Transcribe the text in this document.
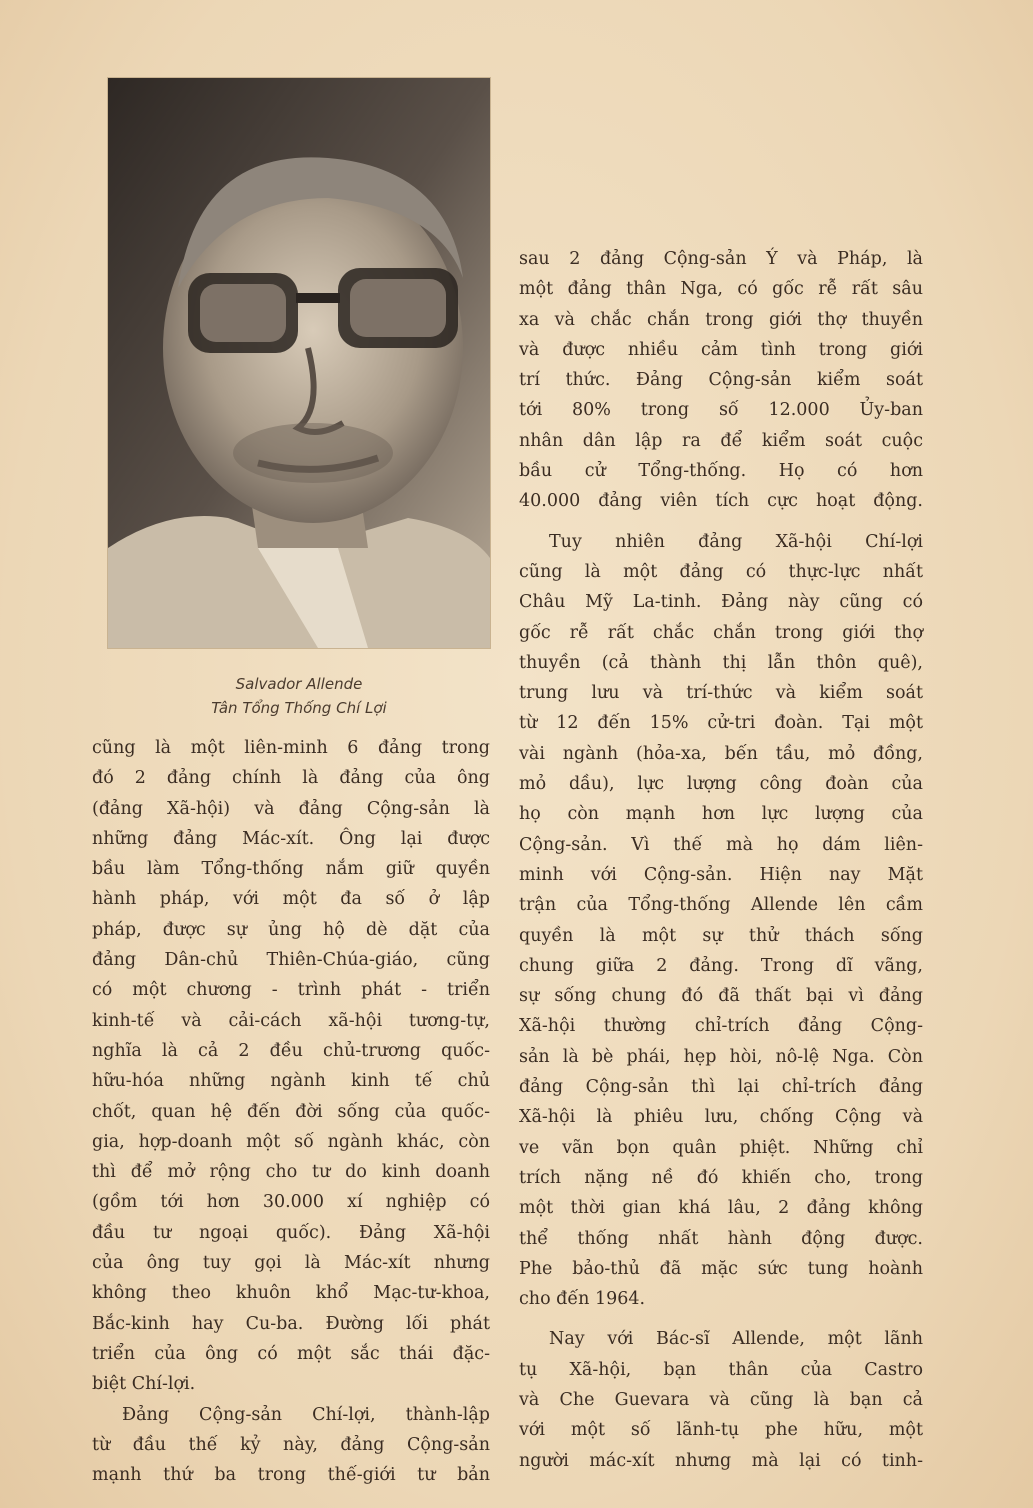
Salvador Allende
Tân Tổng Thống Chí Lợi

cũng là một liên-minh 6 đảng trong
đó 2 đảng chính là đảng của ông
(đảng Xã-hội) và đảng Cộng-sản là
những đảng Mác-xít. Ông lại được
bầu làm Tổng-thống nắm giữ quyền
hành pháp, với một đa số ở lập
pháp, được sự ủng hộ dè dặt của
đảng Dân-chủ Thiên-Chúa-giáo, cũng
có một chương - trình phát - triển
kinh-tế và cải-cách xã-hội tương-tự,
nghĩa là cả 2 đều chủ-trương quốc-
hữu-hóa những ngành kinh tế chủ
chốt, quan hệ đến đời sống của quốc-
gia, hợp-doanh một số ngành khác, còn
thì để mở rộng cho tư do kinh doanh
(gồm tới hơn 30.000 xí nghiệp có
đầu tư ngoại quốc). Đảng Xã-hội
của ông tuy gọi là Mác-xít nhưng
không theo khuôn khổ Mạc-tư-khoa,
Bắc-kinh hay Cu-ba. Đường lối phát
triển của ông có một sắc thái đặc-
biệt Chí-lợi.

Đảng Cộng-sản Chí-lợi, thành-lập
từ đầu thế kỷ này, đảng Cộng-sản
mạnh thứ ba trong thế-giới tư bản

sau 2 đảng Cộng-sản Ý và Pháp, là
một đảng thân Nga, có gốc rễ rất sâu
xa và chắc chắn trong giới thợ thuyền
và được nhiều cảm tình trong giới
trí thức. Đảng Cộng-sản kiểm soát
tới 80% trong số 12.000 Ủy-ban
nhân dân lập ra để kiểm soát cuộc
bầu cử Tổng-thống. Họ có hơn
40.000 đảng viên tích cực hoạt động.

Tuy nhiên đảng Xã-hội Chí-lợi
cũng là một đảng có thực-lực nhất
Châu Mỹ La-tinh. Đảng này cũng có
gốc rễ rất chắc chắn trong giới thợ
thuyền (cả thành thị lẫn thôn quê),
trung lưu và trí-thức và kiểm soát
từ 12 đến 15% cử-tri đoàn. Tại một
vài ngành (hỏa-xa, bến tầu, mỏ đồng,
mỏ dầu), lực lượng công đoàn của
họ còn mạnh hơn lực lượng của
Cộng-sản. Vì thế mà họ dám liên-
minh với Cộng-sản. Hiện nay Mặt
trận của Tổng-thống Allende lên cầm
quyền là một sự thử thách sống
chung giữa 2 đảng. Trong dĩ vãng,
sự sống chung đó đã thất bại vì đảng
Xã-hội thường chỉ-trích đảng Cộng-
sản là bè phái, hẹp hòi, nô-lệ Nga. Còn
đảng Cộng-sản thì lại chỉ-trích đảng
Xã-hội là phiêu lưu, chống Cộng và
ve vãn bọn quân phiệt. Những chỉ
trích nặng nề đó khiến cho, trong
một thời gian khá lâu, 2 đảng không
thể thống nhất hành động được.
Phe bảo-thủ đã mặc sức tung hoành
cho đến 1964.

Nay với Bác-sĩ Allende, một lãnh
tụ Xã-hội, bạn thân của Castro
và Che Guevara và cũng là bạn cả
với một số lãnh-tụ phe hữu, một
người mác-xít nhưng mà lại có tinh-
